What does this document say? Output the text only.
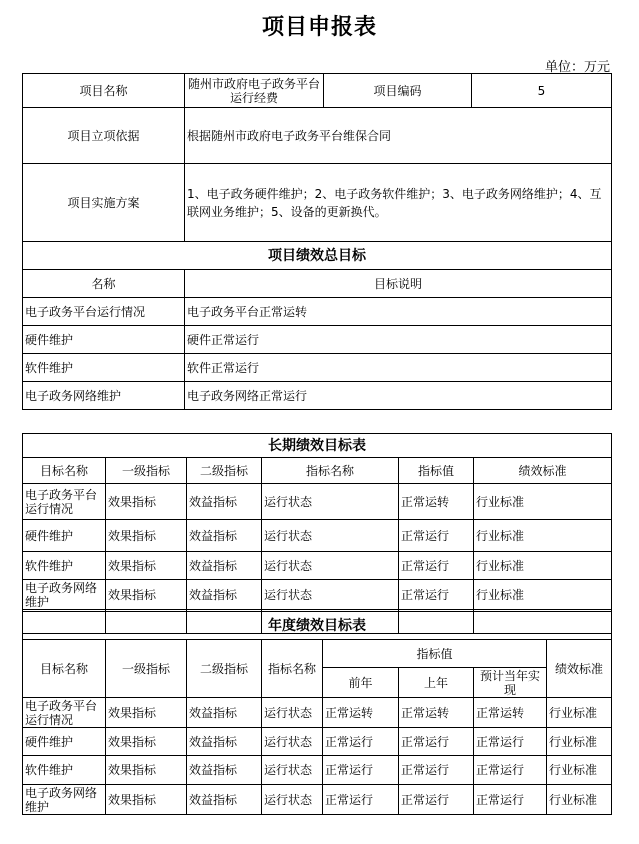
项目申报表
单位：万元
项目名称	随州市政府电子政务平台运行经费	项目编码	5
项目立项依据	根据随州市政府电子政务平台维保合同		
项目实施方案	1、电子政务硬件维护；2、电子政务软件维护；3、电子政务网络维护；4、互联网业务维护；5、设备的更新换代。		
项目绩效总目标			
名称	目标说明		
电子政务平台运行情况	电子政务平台正常运转		
硬件维护	硬件正常运行		
软件维护	软件正常运行		
电子政务网络维护	电子政务网络正常运行		
长期绩效目标表					
目标名称	一级指标	二级指标	指标名称	指标值	绩效标准
电子政务平台运行情况	效果指标	效益指标	运行状态	正常运转	行业标准
硬件维护	效果指标	效益指标	运行状态	正常运行	行业标准
软件维护	效果指标	效益指标	运行状态	正常运行	行业标准
电子政务网络维护	效果指标	效益指标	运行状态	正常运行	行业标准

年度绩效目标表							
目标名称	一级指标	二级指标	指标名称	指标值			绩效标准
				前年	上年	预计当年实现	
电子政务平台运行情况	效果指标	效益指标	运行状态	正常运转	正常运转	正常运转	行业标准
硬件维护	效果指标	效益指标	运行状态	正常运行	正常运行	正常运行	行业标准
软件维护	效果指标	效益指标	运行状态	正常运行	正常运行	正常运行	行业标准
电子政务网络维护	效果指标	效益指标	运行状态	正常运行	正常运行	正常运行	行业标准
